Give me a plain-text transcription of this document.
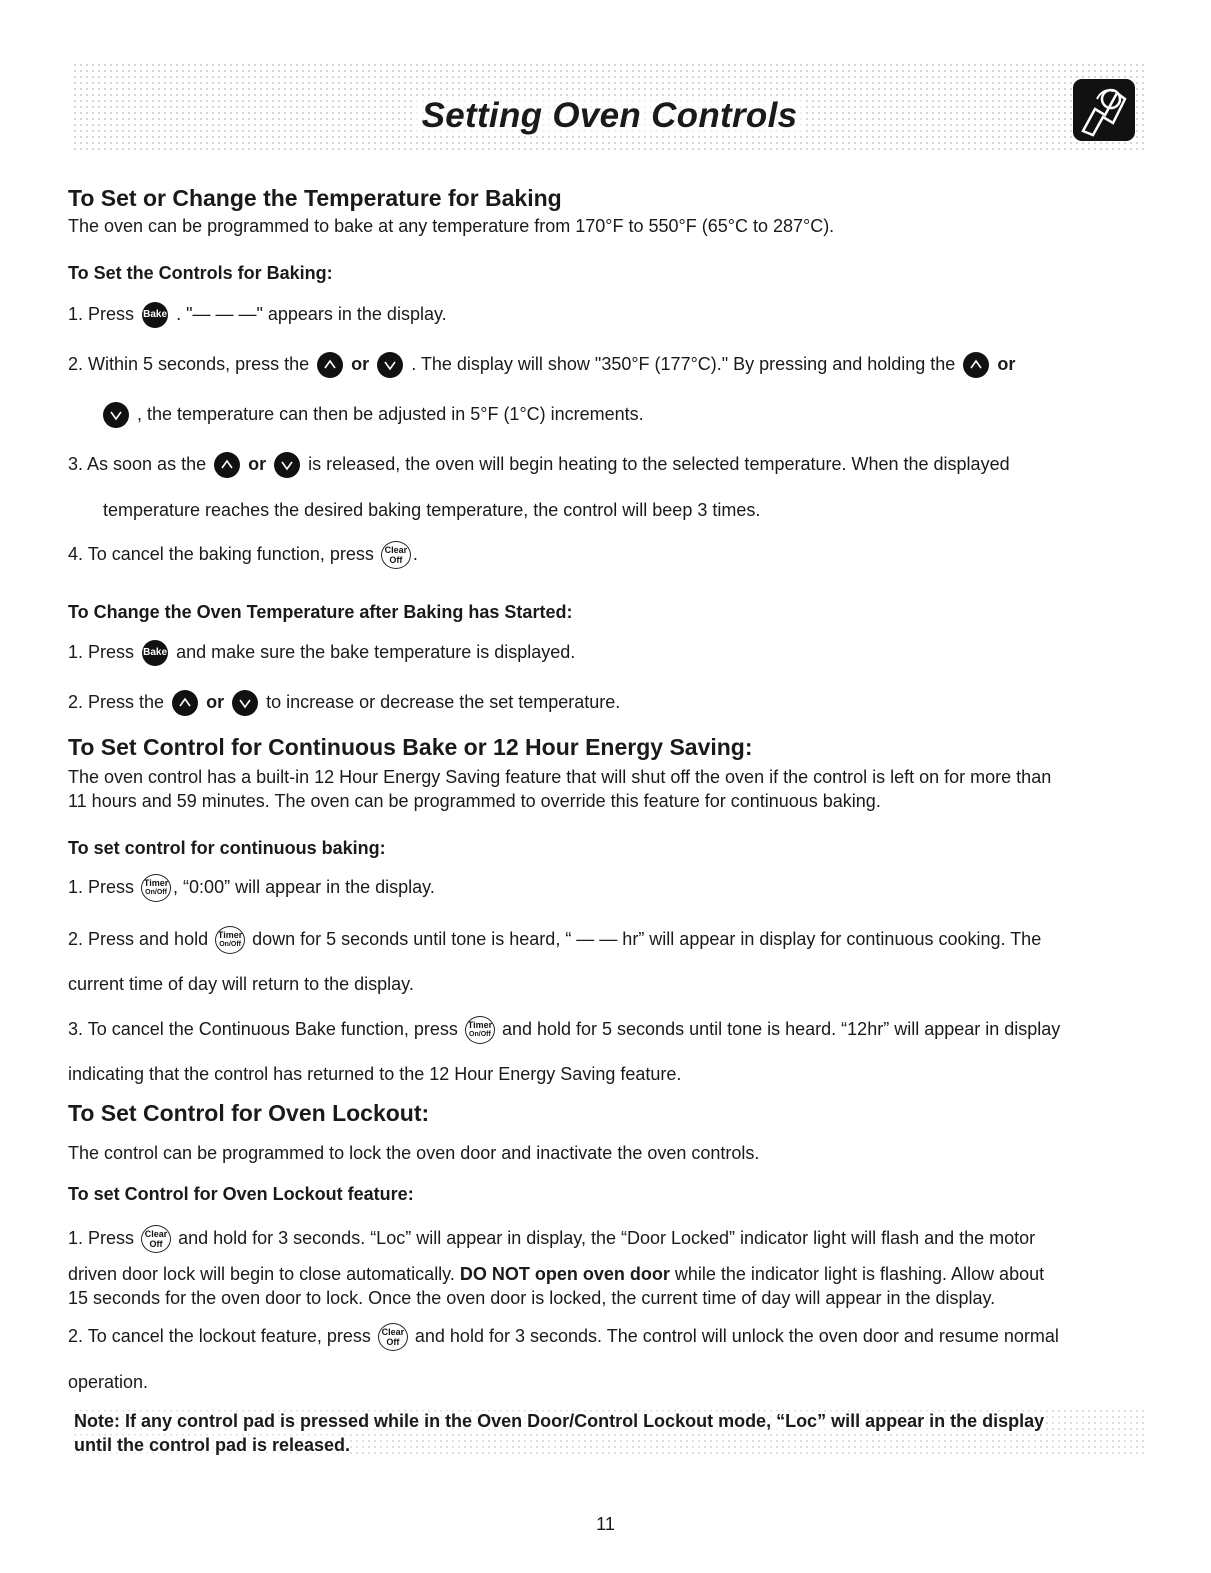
Setting Oven Controls
To Set or Change the Temperature for Baking
The oven can be programmed to bake at any temperature from 170°F to 550°F (65°C to 287°C).
To Set the Controls for Baking:
1. Press Bake . "— — —" appears in the display.
2. Within 5 seconds, press the or . The display will show "350°F (177°C)." By pressing and holding the or
, the temperature can then be adjusted in 5°F (1°C) increments.
3. As soon as the or is released, the oven will begin heating to the selected temperature. When the displayed
temperature reaches the desired baking temperature, the control will beep 3 times.
4. To cancel the baking function, press	Clear
Off .
To Change the Oven Temperature after Baking has Started:
1. Press Bake and make sure the bake temperature is displayed.
2. Press the or to increase or decrease the set temperature.
To Set Control for Continuous Bake or 12 Hour Energy Saving:
The oven control has a built-in 12 Hour Energy Saving feature that will shut off the oven if the control is left on for more than
11 hours and 59 minutes. The oven can be programmed to override this feature for continuous baking.
To set control for continuous baking:
1. Press Timer
On/Off , “0:00” will appear in the display.
2. Press and hold Timer
On/Off down for 5 seconds until tone is heard, “ — — hr” will appear in display for continuous cooking. The
current time of day will return to the display.
3. To cancel the Continuous Bake function, press Timer
On/Off and hold for 5 seconds until tone is heard. “12hr” will appear in display
indicating that the control has returned to the 12 Hour Energy Saving feature.
To Set Control for Oven Lockout:
The control can be programmed to lock the oven door and inactivate the oven controls.
To set Control for Oven Lockout feature:
1. Press	Clear
Off and hold for 3 seconds. “Loc” will appear in display, the “Door Locked” indicator light will flash and the motor
driven door lock will begin to close automatically. DO NOT open oven door while the indicator light is flashing. Allow about
15 seconds for the oven door to lock. Once the oven door is locked, the current time of day will appear in the display.
2. To cancel the lockout feature, press	Clear
Off and hold for 3 seconds. The control will unlock the oven door and resume normal
operation.
Note: If any control pad is pressed while in the Oven Door/Control Lockout mode, “Loc” will appear in the display
until the control pad is released.
11
